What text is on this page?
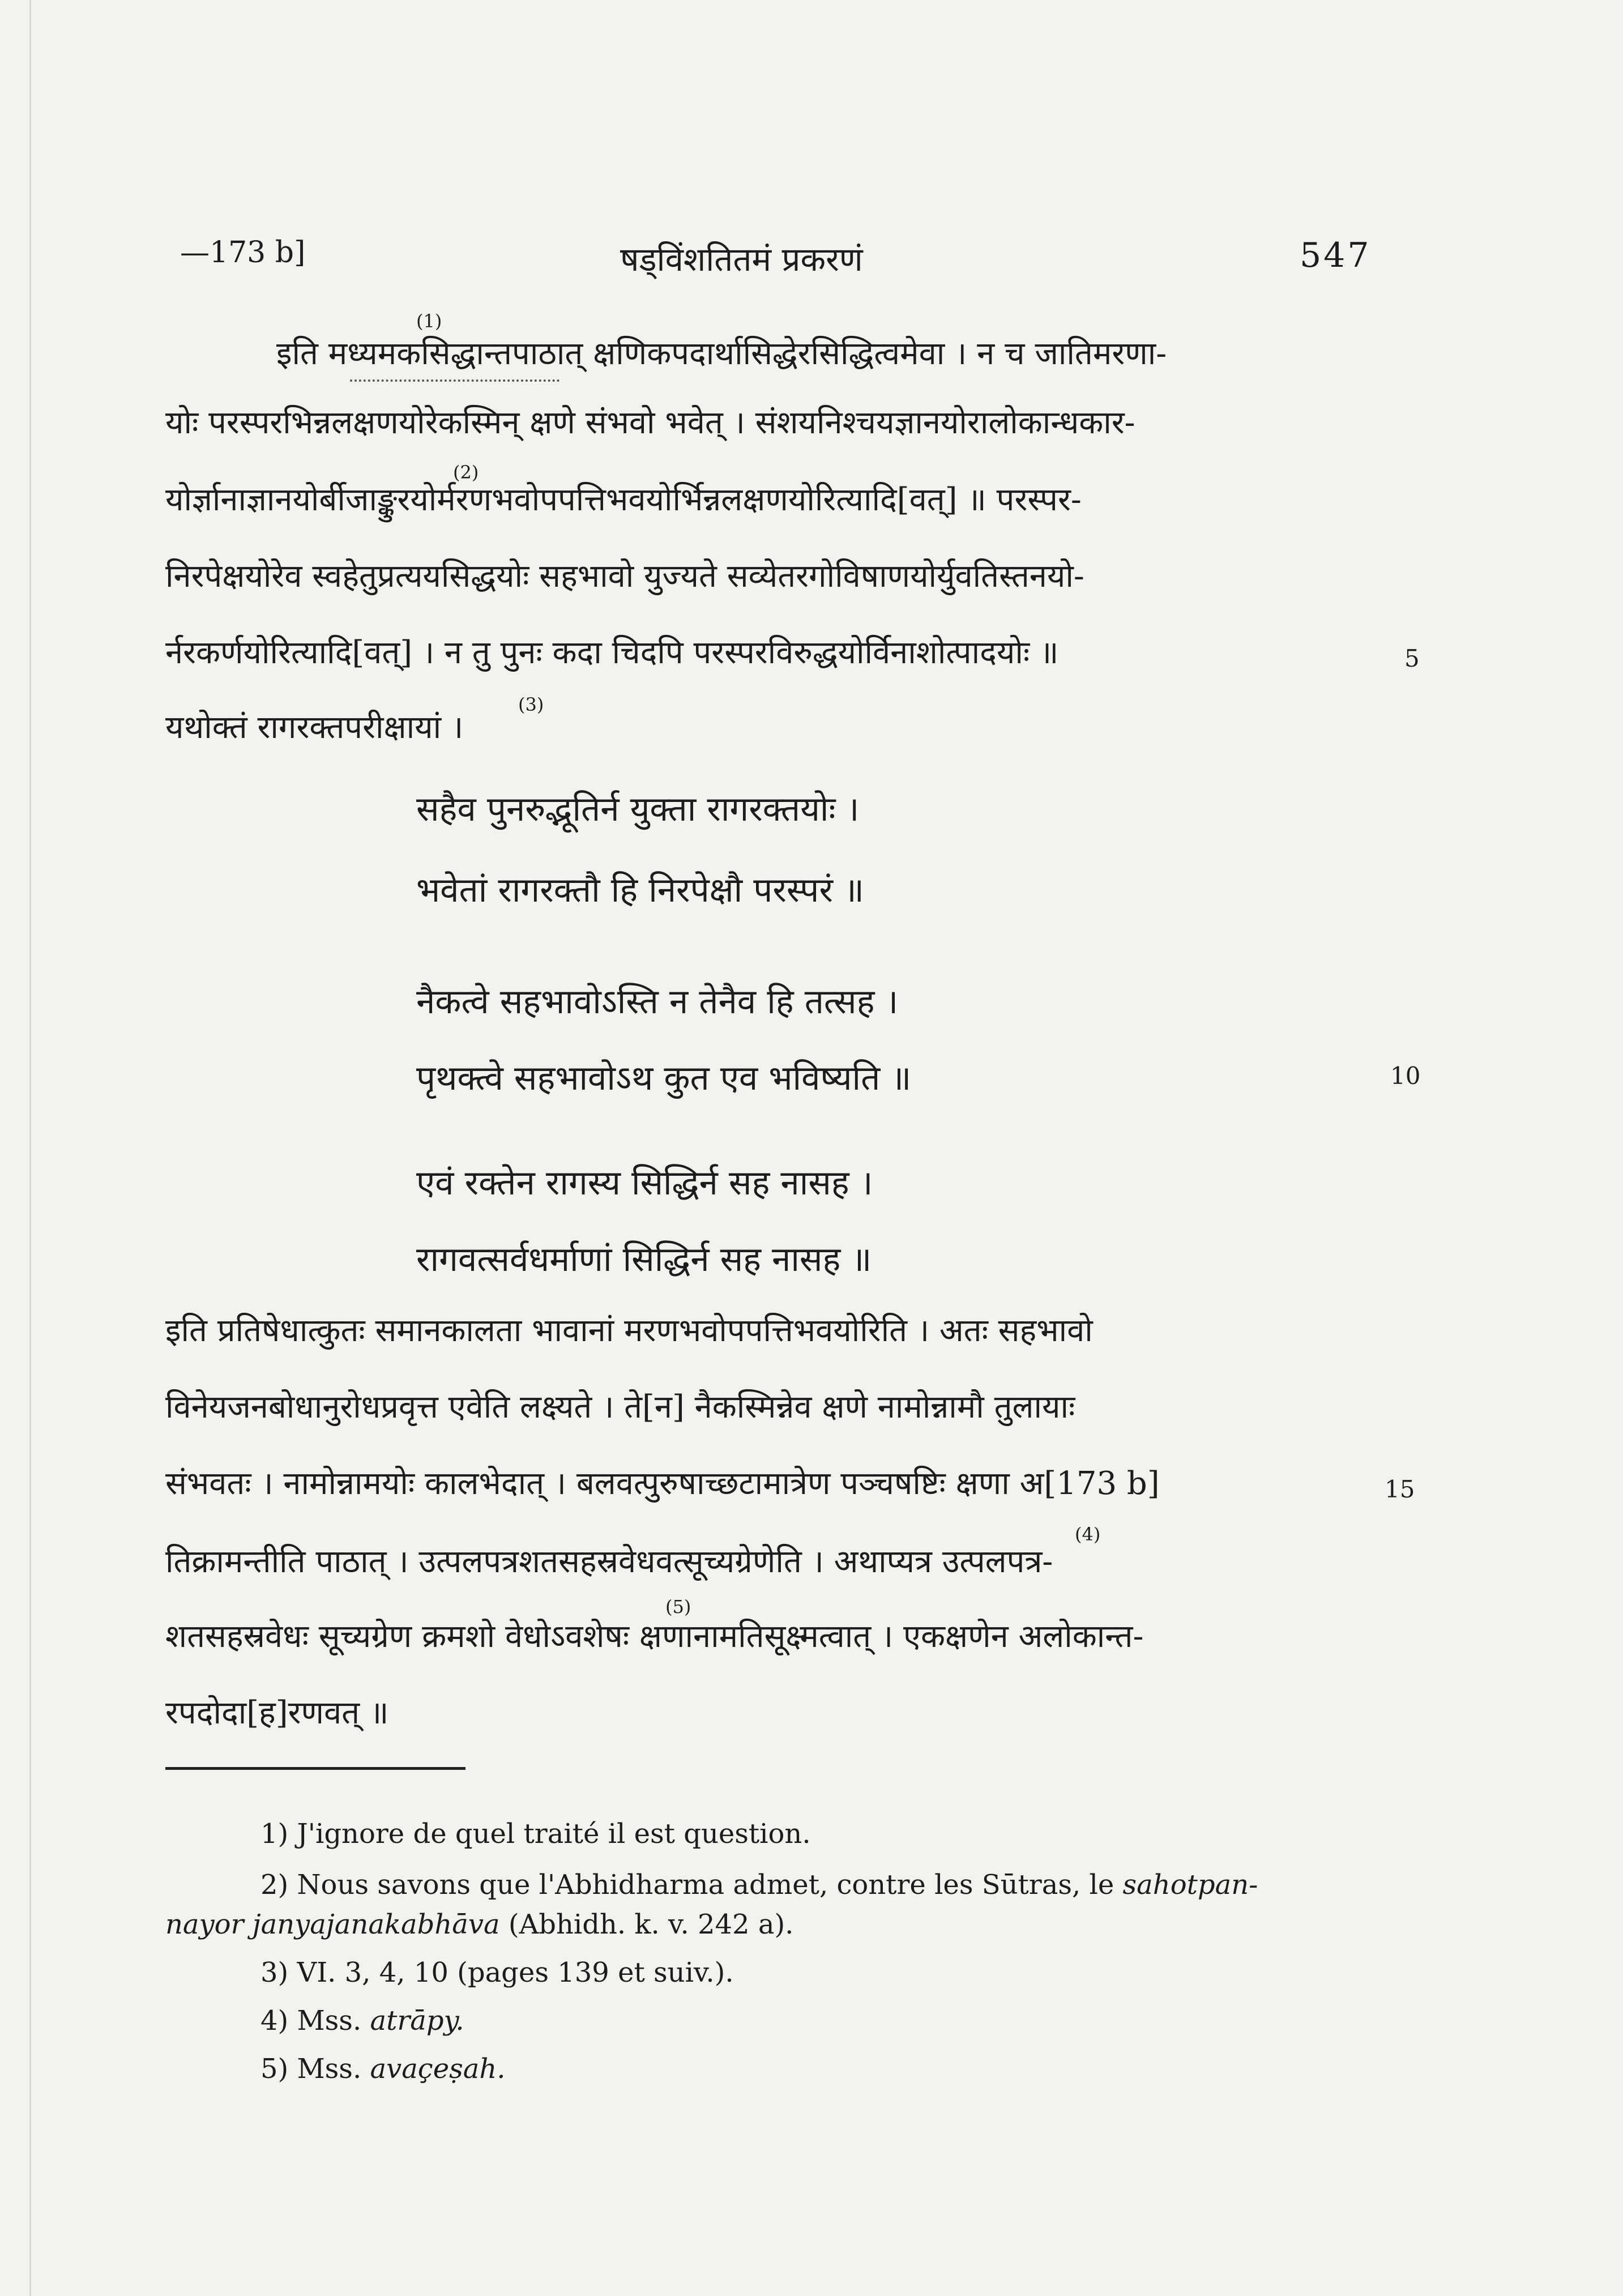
—173 b]	षड्विंशतितमं प्रकरणं	547
(1)
इति मध्यमकसिद्धान्तपाठात् क्षणिकपदार्थासिद्धेरसिद्धित्वमेवा । न च जातिमरणा-
योः परस्परभिन्नलक्षणयोरेकस्मिन् क्षणे संभवो भवेत् । संशयनिश्चयज्ञानयोरालोकान्धकार-
(2)
योर्ज्ञानाज्ञानयोर्बीजाङ्कुरयोर्मरणभवोपपत्तिभवयोर्भिन्नलक्षणयोरित्यादि[वत्] ॥ परस्पर-
निरपेक्षयोरेव स्वहेतुप्रत्ययसिद्धयोः सहभावो युज्यते सव्येतरगोविषाणयोर्युवतिस्तनयो-
र्नरकर्णयोरित्यादि[वत्] । न तु पुनः कदा चिदपि परस्परविरुद्धयोर्विनाशोत्पादयोः ॥	5
(3)
यथोक्तं रागरक्तपरीक्षायां ।
सहैव पुनरुद्भूतिर्न युक्ता रागरक्तयोः ।
भवेतां रागरक्तौ हि निरपेक्षौ परस्परं ॥
नैकत्वे सहभावोऽस्ति न तेनैव हि तत्सह ।
पृथक्त्वे सहभावोऽथ कुत एव भविष्यति ॥	10
एवं रक्तेन रागस्य सिद्धिर्न सह नासह ।
रागवत्सर्वधर्माणां सिद्धिर्न सह नासह ॥
इति प्रतिषेधात्कुतः समानकालता भावानां मरणभवोपपत्तिभवयोरिति । अतः सहभावो
विनेयजनबोधानुरोधप्रवृत्त एवेति लक्ष्यते । ते[न] नैकस्मिन्नेव क्षणे नामोन्नामौ तुलायाः
संभवतः । नामोन्नामयोः कालभेदात् । बलवत्पुरुषाच्छटामात्रेण पञ्चषष्टिः क्षणा अ[173 b]	15
(4)
तिक्रामन्तीति पाठात् । उत्पलपत्रशतसहस्रवेधवत्सूच्यग्रेणेति । अथाप्यत्र उत्पलपत्र-
(5)
शतसहस्रवेधः सूच्यग्रेण क्रमशो वेधोऽवशेषः क्षणानामतिसूक्ष्मत्वात् । एकक्षणेन अलोकान्त-
रपदोदा[ह]रणवत् ॥
1) J'ignore de quel traité il est question.
2) Nous savons que l'Abhidharma admet, contre les Sūtras, le sahotpan-
nayor janyajanakabhāva (Abhidh. k. v. 242 a).
3) VI. 3, 4, 10 (pages 139 et suiv.).
4) Mss. atrāpy.
5) Mss. avaçeṣah.
